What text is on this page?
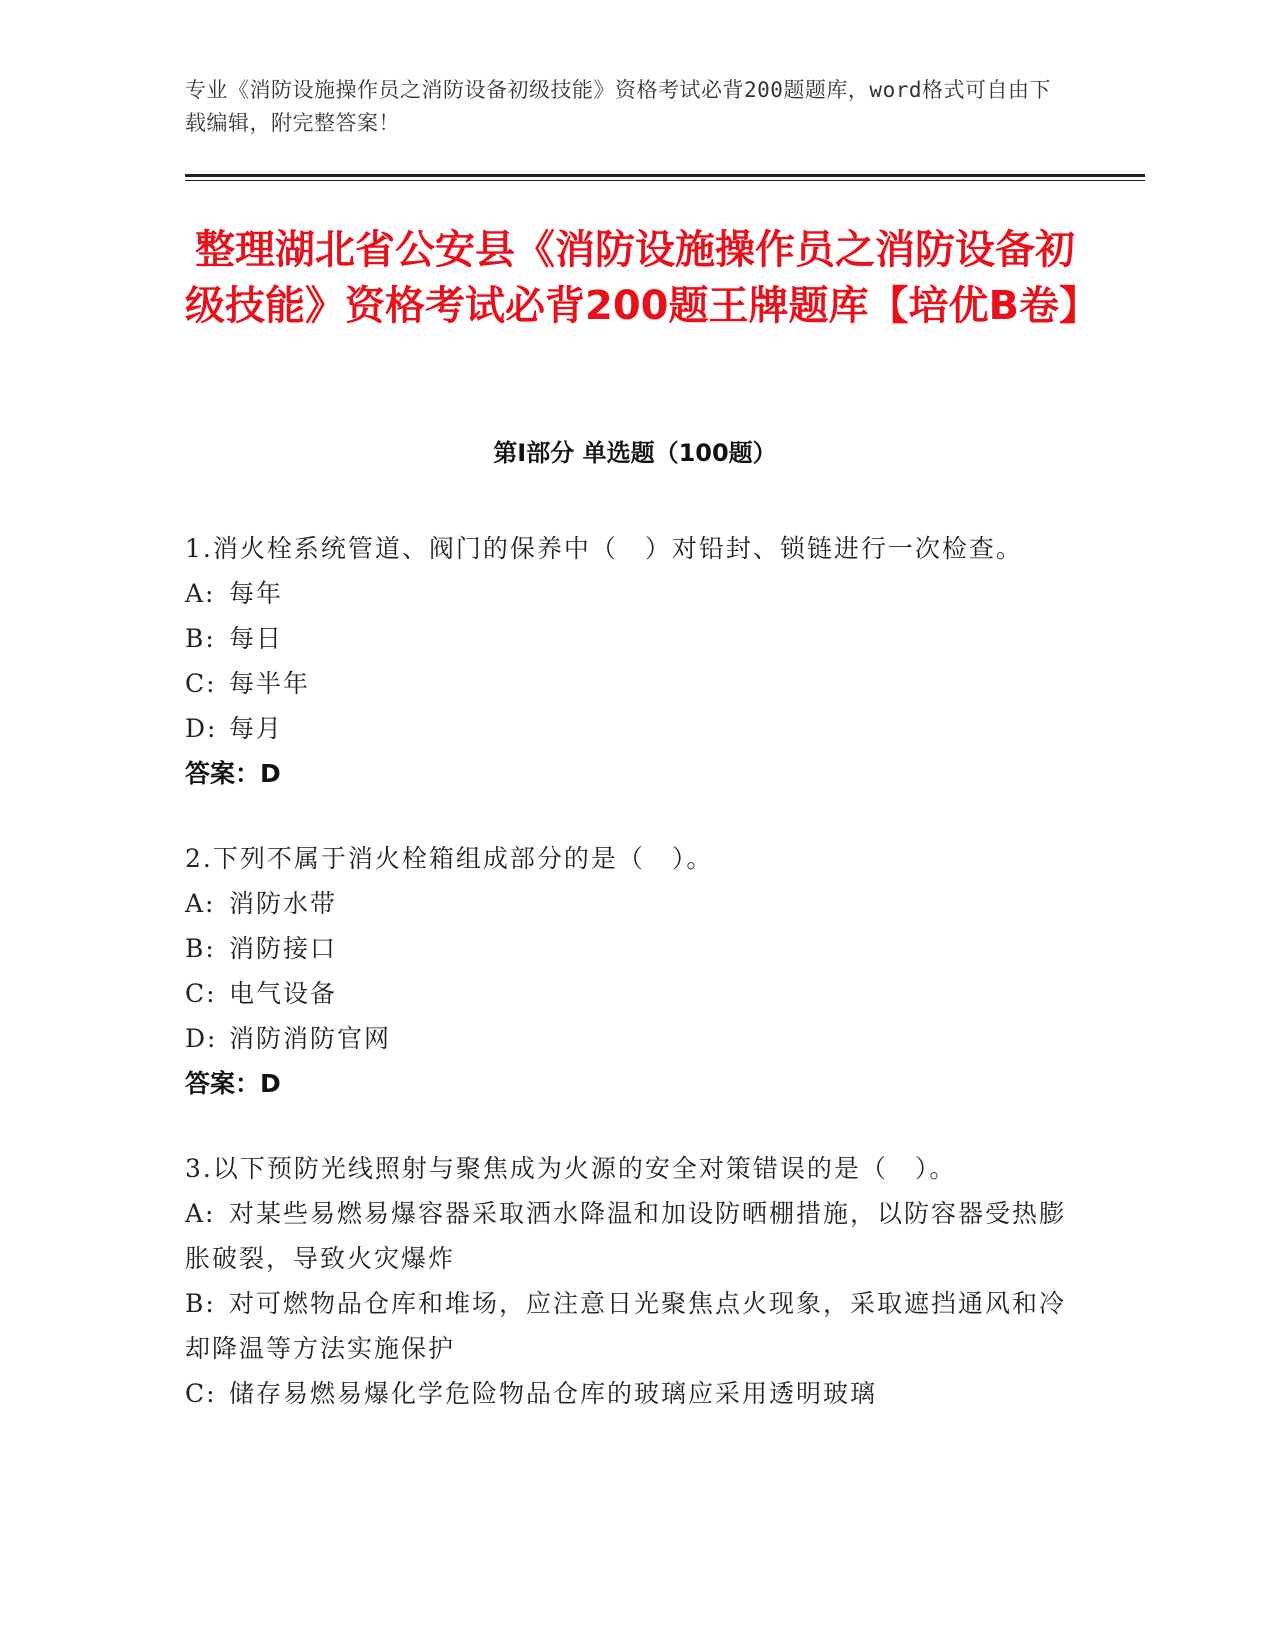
专业《消防设施操作员之消防设备初级技能》资格考试必背200题题库，word格式可自由下载编辑，附完整答案！
整理湖北省公安县《消防设施操作员之消防设备初级技能》资格考试必背200题王牌题库【培优B卷】
第I部分 单选题（100题）
1.消火栓系统管道、阀门的保养中（　）对铅封、锁链进行一次检查。
A: 每年
B: 每日
C: 每半年
D: 每月
答案：D
2.下列不属于消火栓箱组成部分的是（　）。
A: 消防水带
B: 消防接口
C: 电气设备
D: 消防消防官网
答案：D
3.以下预防光线照射与聚焦成为火源的安全对策错误的是（　）。
A: 对某些易燃易爆容器采取洒水降温和加设防晒棚措施，以防容器受热膨胀破裂，导致火灾爆炸
B: 对可燃物品仓库和堆场，应注意日光聚焦点火现象，采取遮挡通风和冷却降温等方法实施保护
C: 储存易燃易爆化学危险物品仓库的玻璃应采用透明玻璃
